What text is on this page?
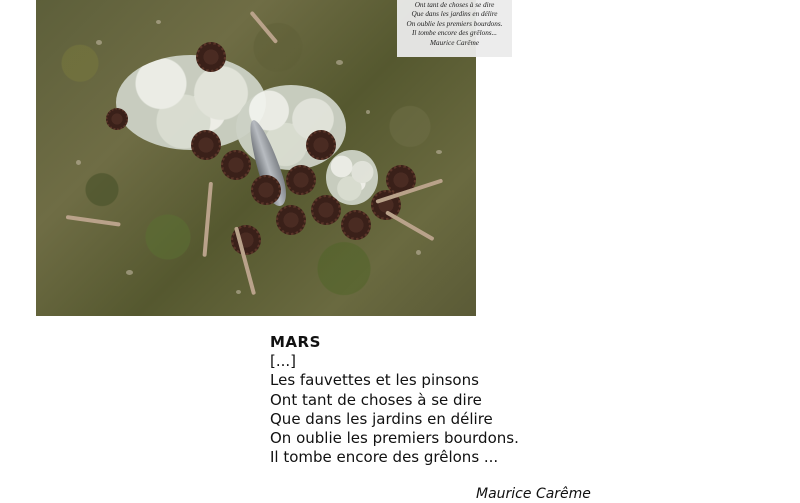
Ont tant de choses à se dire
Que dans les jardins en délire
On oublie les premiers bourdons.
Il tombe encore des grêlons...
Maurice Carême
MARS
[...]
Les fauvettes et les pinsons
Ont tant de choses à se dire
Que dans les jardins en délire
On oublie les premiers bourdons.
Il tombe encore des grêlons ...
Maurice Carême
